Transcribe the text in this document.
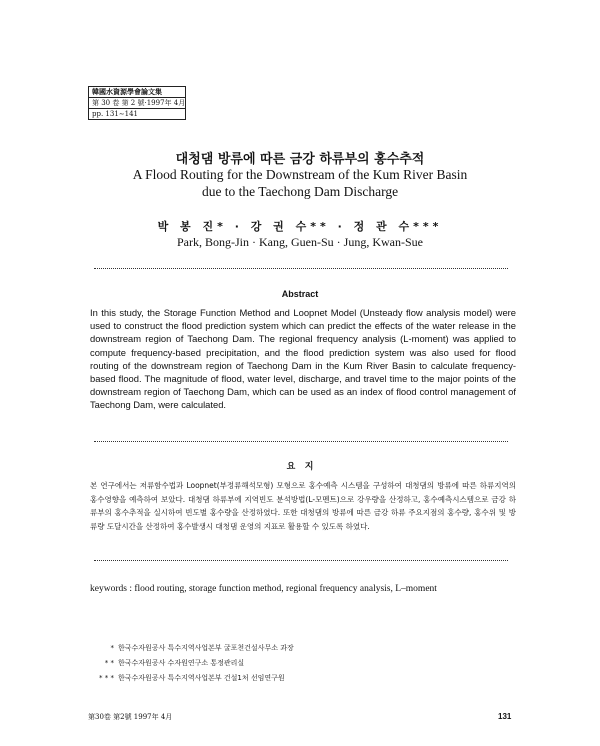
韓國水資源學會論文集
第 30 卷 第 2 號·1997年 4月
pp. 131∼141
대청댐 방류에 따른 금강 하류부의 홍수추적
A Flood Routing for the Downstream of the Kum River Basin
due to the Taechong Dam Discharge
박 봉 진* · 강 권 수** · 정 관 수***
Park, Bong-Jin · Kang, Guen-Su · Jung, Kwan-Sue
Abstract

In this study, the Storage Function Method and Loopnet Model (Unsteady flow analysis model) were used to construct the flood prediction system which can predict the effects of the water release in the downstream region of Taechong Dam. The regional frequency analysis (L-moment) was applied to compute frequency-based precipitation, and the flood prediction system was also used for flood routing of the downstream region of Taechong Dam in the Kum River Basin to calculate frequency-based flood. The magnitude of flood, water level, discharge, and travel time to the major points of the downstream region of Taechong Dam, which can be used as an index of flood control management of Taechong Dam, were calculated.

요   지

본 연구에서는 저류함수법과 Loopnet(부정류해석모형) 모형으로 홍수예측 시스템을 구성하여 대청댐의 방류에 따른 하류지역의 홍수영향을 예측하여 보았다. 대청댐 하류부에 지역빈도 분석방법(L-모멘트)으로 강우량을 산정하고, 홍수예측시스템으로 금강 하류부의 홍수추적을 실시하여 빈도별 홍수량을 산정하였다. 또한 대청댐의 방류에 따른 금강 하류 주요지점의 홍수량, 홍수위 및 방류량 도달시간을 산정하여 홍수발생시 대청댐 운영의 지표로 활용할 수 있도록 하였다.

keywords : flood routing, storage function method, regional frequency analysis, L–moment
* 한국수자원공사 특수지역사업본부 굴포천건설사무소 과장
* * 한국수자원공사 수자원연구소 통정관리실
* * * 한국수자원공사 특수지역사업본부 건설1처 선임연구원
第30卷 第2號 1997年 4月	131
